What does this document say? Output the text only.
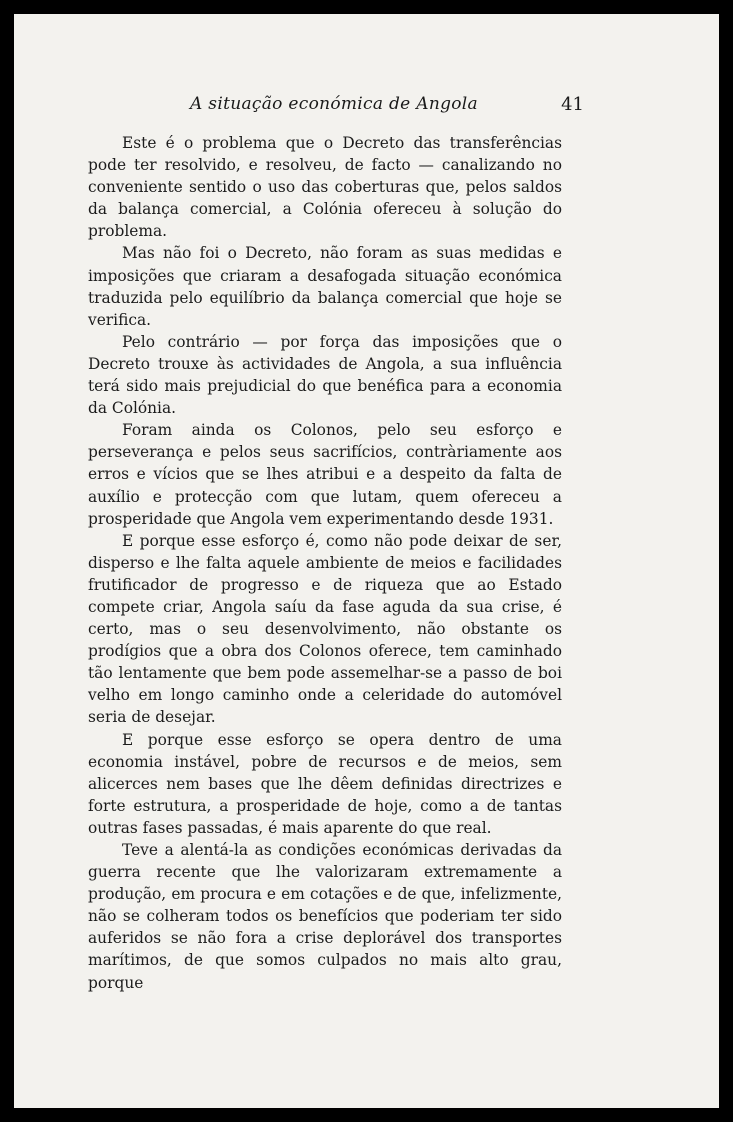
A situação económica de Angola	41

Este é o problema que o Decreto das transferências pode ter resolvido, e resolveu, de facto — canalizando no conveniente sentido o uso das coberturas que, pelos saldos da balança comercial, a Colónia ofereceu à solução do problema.

Mas não foi o Decreto, não foram as suas medidas e imposições que criaram a desafogada situação económica traduzida pelo equilíbrio da balança comercial que hoje se verifica.

Pelo contrário — por força das imposições que o Decreto trouxe às actividades de Angola, a sua influência terá sido mais prejudicial do que benéfica para a economia da Colónia.

Foram ainda os Colonos, pelo seu esforço e perseverança e pelos seus sacrifícios, contràriamente aos erros e vícios que se lhes atribui e a despeito da falta de auxílio e protecção com que lutam, quem ofereceu a prosperidade que Angola vem experimentando desde 1931.

E porque esse esforço é, como não pode deixar de ser, disperso e lhe falta aquele ambiente de meios e facilidades frutificador de progresso e de riqueza que ao Estado compete criar, Angola saíu da fase aguda da sua crise, é certo, mas o seu desenvolvimento, não obstante os prodígios que a obra dos Colonos oferece, tem caminhado tão lentamente que bem pode assemelhar-se a passo de boi velho em longo caminho onde a celeridade do automóvel seria de desejar.

E porque esse esforço se opera dentro de uma economia instável, pobre de recursos e de meios, sem alicerces nem bases que lhe dêem definidas directrizes e forte estrutura, a prosperidade de hoje, como a de tantas outras fases passadas, é mais aparente do que real.

Teve a alentá-la as condições económicas derivadas da guerra recente que lhe valorizaram extremamente a produção, em procura e em cotações e de que, infelizmente, não se colheram todos os benefícios que poderiam ter sido auferidos se não fora a crise deplorável dos transportes marítimos, de que somos culpados no mais alto grau, porque
